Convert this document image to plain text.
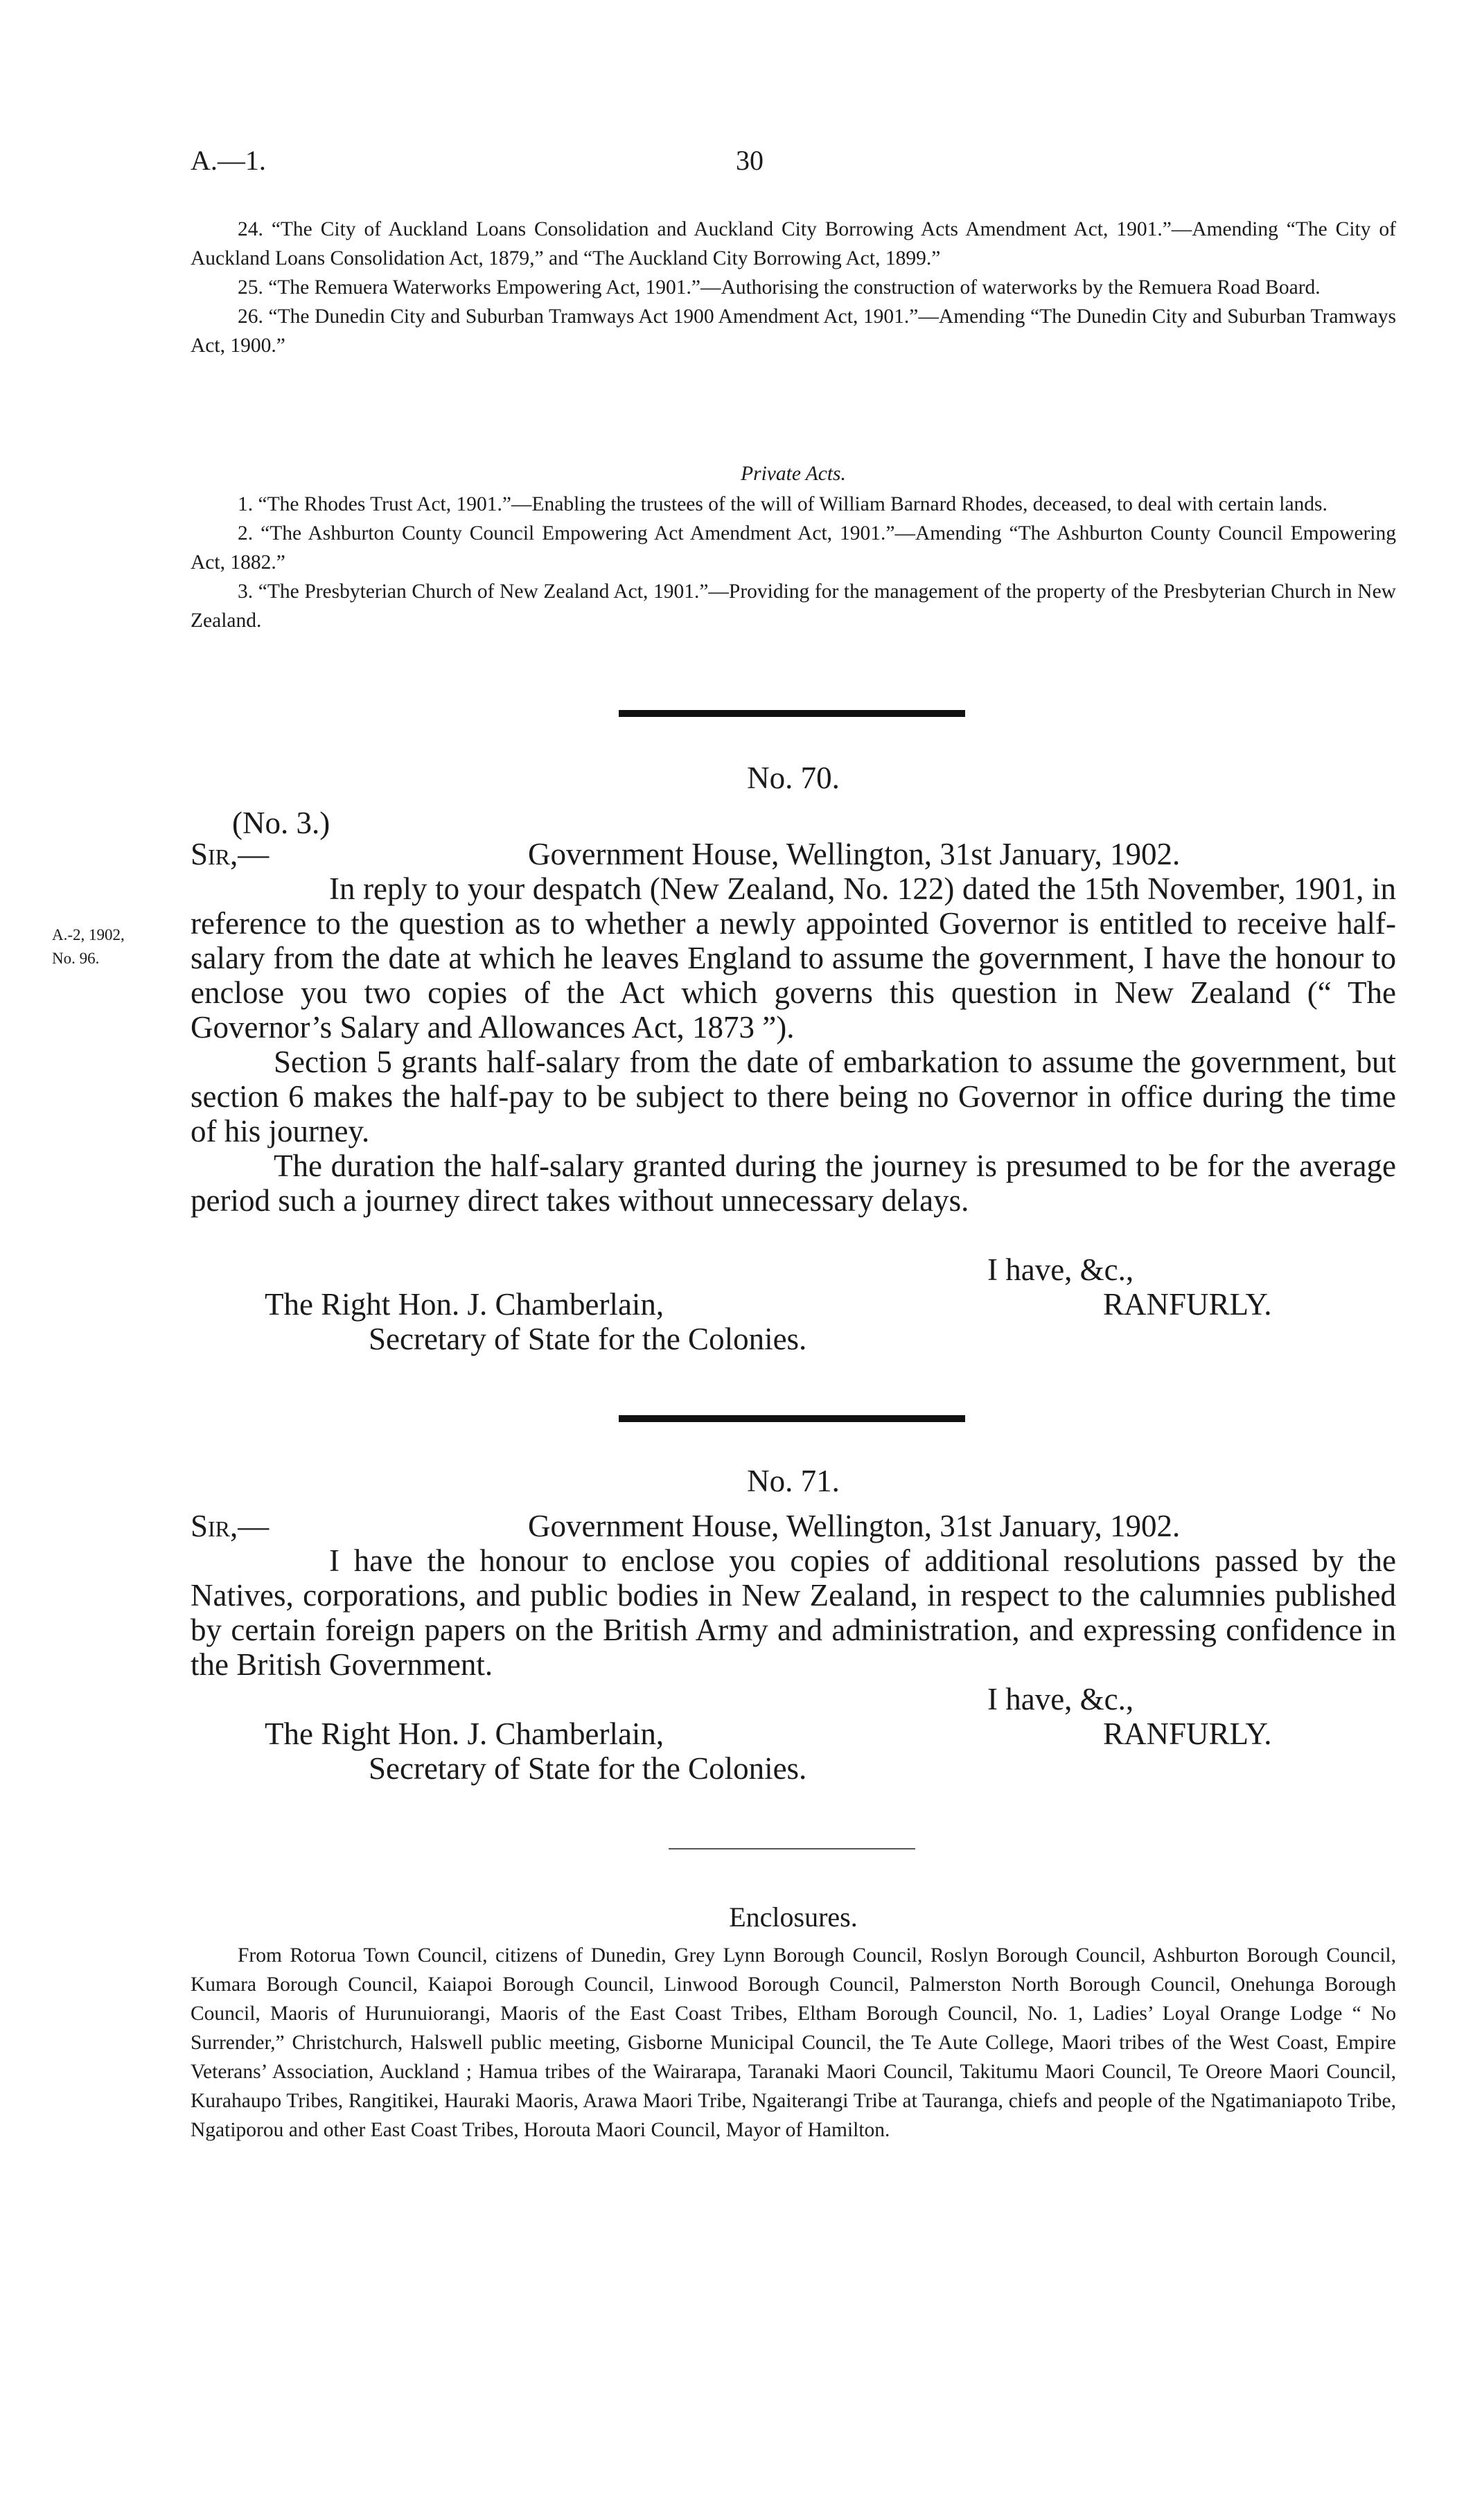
A.—1.	30

24. “The City of Auckland Loans Consolidation and Auckland City Borrowing Acts Amendment Act, 1901.”—Amending “The City of Auckland Loans Consolidation Act, 1879,” and “The Auckland City Borrowing Act, 1899.”

25. “The Remuera Waterworks Empowering Act, 1901.”—Authorising the construction of waterworks by the Remuera Road Board.

26. “The Dunedin City and Suburban Tramways Act 1900 Amendment Act, 1901.”—Amending “The Dunedin City and Suburban Tramways Act, 1900.”

Private Acts.

1. “The Rhodes Trust Act, 1901.”—Enabling the trustees of the will of William Barnard Rhodes, deceased, to deal with certain lands.

2. “The Ashburton County Council Empowering Act Amendment Act, 1901.”—Amending “The Ashburton County Council Empowering Act, 1882.”

3. “The Presbyterian Church of New Zealand Act, 1901.”—Providing for the management of the property of the Presbyterian Church in New Zealand.

No. 70.
(No. 3.)
Sir,—	Government House, Wellington, 31st January, 1902.
A.-2, 1902,
No. 96.

In reply to your despatch (New Zealand, No. 122) dated the 15th November, 1901, in reference to the question as to whether a newly appointed Governor is entitled to receive half-salary from the date at which he leaves England to assume the government, I have the honour to enclose you two copies of the Act which governs this question in New Zealand (“ The Governor’s Salary and Allowances Act, 1873 ”).

Section 5 grants half-salary from the date of embarkation to assume the government, but section 6 makes the half-pay to be subject to there being no Governor in office during the time of his journey.

The duration the half-salary granted during the journey is presumed to be for the average period such a journey direct takes without unnecessary delays.

I have, &c.,
The Right Hon. J. Chamberlain,	RANFURLY.
Secretary of State for the Colonies.
No. 71.
Sir,—	Government House, Wellington, 31st January, 1902.

I have the honour to enclose you copies of additional resolutions passed by the Natives, corporations, and public bodies in New Zealand, in respect to the calumnies published by certain foreign papers on the British Army and administration, and expressing confidence in the British Government.

I have, &c.,
The Right Hon. J. Chamberlain,	RANFURLY.
Secretary of State for the Colonies.
Enclosures.

From Rotorua Town Council, citizens of Dunedin, Grey Lynn Borough Council, Roslyn Borough Council, Ashburton Borough Council, Kumara Borough Council, Kaiapoi Borough Council, Linwood Borough Council, Palmerston North Borough Council, Onehunga Borough Council, Maoris of Hurunuiorangi, Maoris of the East Coast Tribes, Eltham Borough Council, No. 1, Ladies’ Loyal Orange Lodge “ No Surrender,” Christchurch, Halswell public meeting, Gisborne Municipal Council, the Te Aute College, Maori tribes of the West Coast, Empire Veterans’ Association, Auckland ; Hamua tribes of the Wairarapa, Taranaki Maori Council, Takitumu Maori Council, Te Oreore Maori Council, Kurahaupo Tribes, Rangitikei, Hauraki Maoris, Arawa Maori Tribe, Ngaiterangi Tribe at Tauranga, chiefs and people of the Ngatimaniapoto Tribe, Ngatiporou and other East Coast Tribes, Horouta Maori Council, Mayor of Hamilton.
